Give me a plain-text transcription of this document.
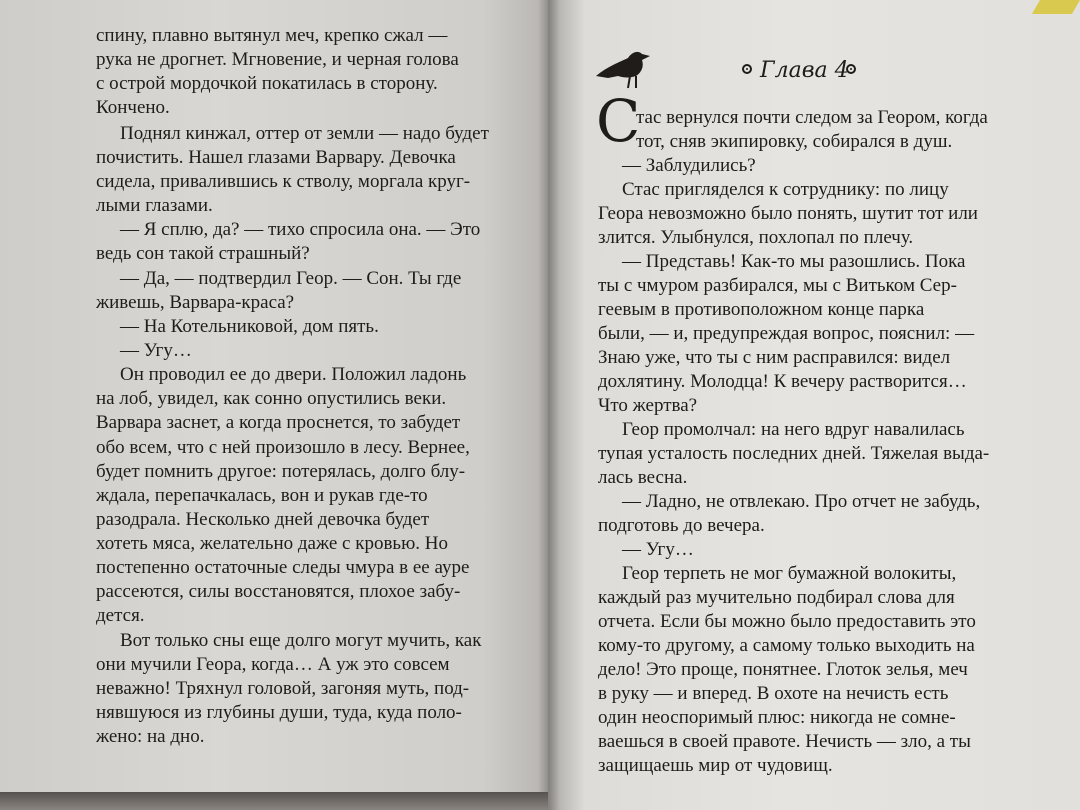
спину, плавно вытянул меч, крепко сжал —
рука не дрогнет. Мгновение, и черная голова
с острой мордочкой покатилась в сторону.
Кончено.
Поднял кинжал, оттер от земли — надо будет
почистить. Нашел глазами Варвару. Девочка
сидела, привалившись к стволу, моргала круг-
лыми глазами.
— Я сплю, да? — тихо спросила она. — Это
ведь сон такой страшный?
— Да, — подтвердил Геор. — Сон. Ты где
живешь, Варвара-краса?
— На Котельниковой, дом пять.
— Угу…
Он проводил ее до двери. Положил ладонь
на лоб, увидел, как сонно опустились веки.
Варвара заснет, а когда проснется, то забудет
обо всем, что с ней произошло в лесу. Вернее,
будет помнить другое: потерялась, долго блу-
ждала, перепачкалась, вон и рукав где-то
разодрала. Несколько дней девочка будет
хотеть мяса, желательно даже с кровью. Но
постепенно остаточные следы чмура в ее ауре
рассеются, силы восстановятся, плохое забу-
дется.
Вот только сны еще долго могут мучить, как
они мучили Геора, когда… А уж это совсем
неважно! Тряхнул головой, загоняя муть, под-
нявшуюся из глубины души, туда, куда поло-
жено: на дно.
С
Глава 4
тас вернулся почти следом за Геором, когда
тот, сняв экипировку, собирался в душ.
— Заблудились?
Стас пригляделся к сотруднику: по лицу
Геора невозможно было понять, шутит тот или
злится. Улыбнулся, похлопал по плечу.
— Представь! Как-то мы разошлись. Пока
ты с чмуром разбирался, мы с Витьком Сер-
геевым в противоположном конце парка
были, — и, предупреждая вопрос, пояснил: —
Знаю уже, что ты с ним расправился: видел
дохлятину. Молодца! К вечеру растворится…
Что жертва?
Геор промолчал: на него вдруг навалилась
тупая усталость последних дней. Тяжелая выда-
лась весна.
— Ладно, не отвлекаю. Про отчет не забудь,
подготовь до вечера.
— Угу…
Геор терпеть не мог бумажной волокиты,
каждый раз мучительно подбирал слова для
отчета. Если бы можно было предоставить это
кому-то другому, а самому только выходить на
дело! Это проще, понятнее. Глоток зелья, меч
в руку — и вперед. В охоте на нечисть есть
один неоспоримый плюс: никогда не сомне-
ваешься в своей правоте. Нечисть — зло, а ты
защищаешь мир от чудовищ.
